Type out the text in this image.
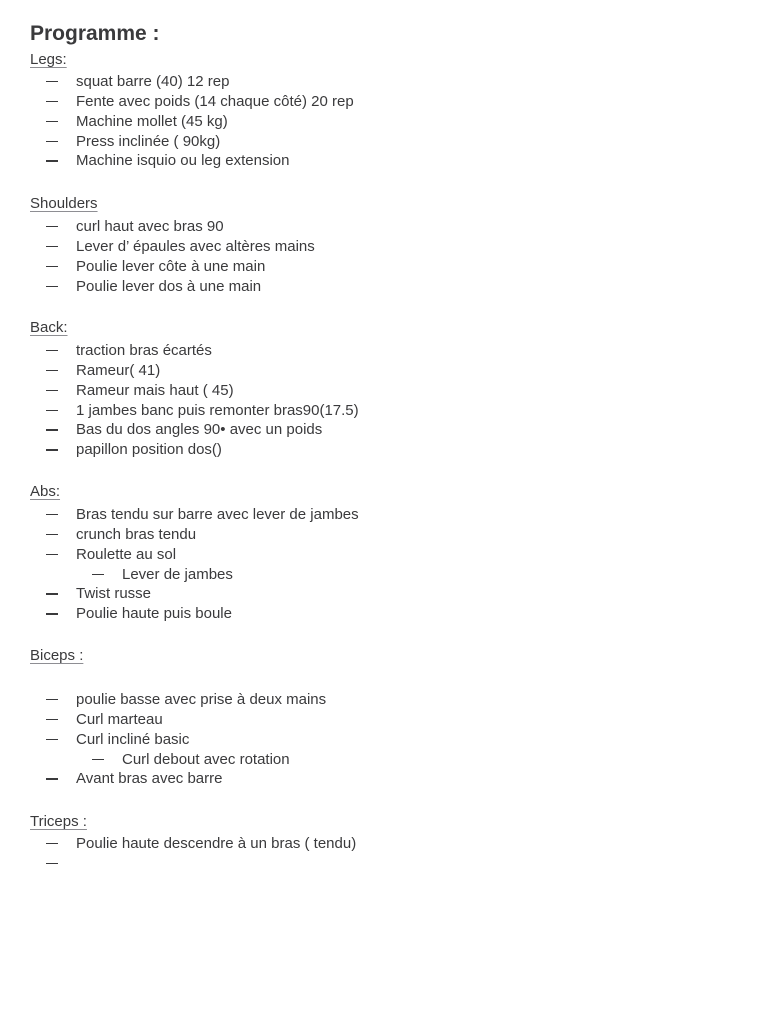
Programme :
Legs:
squat barre (40) 12 rep
Fente avec poids (14 chaque côté) 20 rep
Machine mollet (45 kg)
Press inclinée ( 90kg)
Machine isquio ou leg extension
Shoulders
curl haut avec bras 90
Lever d’ épaules avec altères mains
Poulie lever côte à une main
Poulie lever dos à une main
Back:
traction bras écartés
Rameur( 41)
Rameur mais haut ( 45)
1 jambes banc puis remonter bras90(17.5)
Bas du dos angles 90• avec un poids
papillon position dos()
Abs:
Bras tendu sur barre avec lever de jambes
crunch bras tendu
Roulette au sol
Lever de jambes
Twist russe
Poulie haute puis boule
Biceps :
poulie basse avec prise à deux mains
Curl marteau
Curl incliné basic
Curl debout avec rotation
Avant bras avec barre
Triceps :
Poulie haute descendre à un bras ( tendu)
